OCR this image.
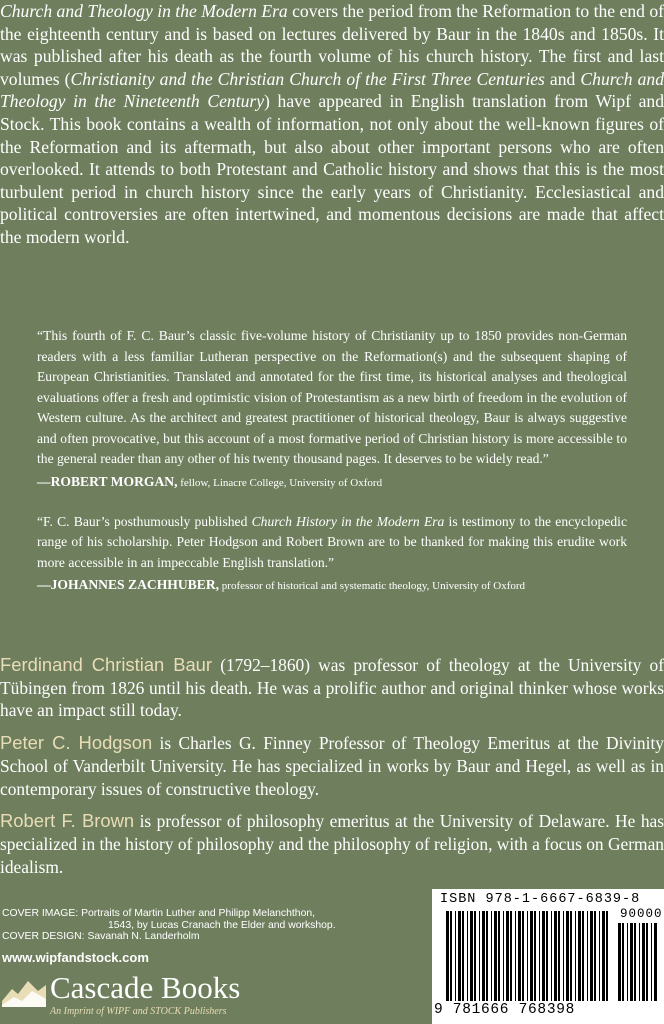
Church and Theology in the Modern Era covers the period from the Reformation to the end of the eighteenth century and is based on lectures delivered by Baur in the 1840s and 1850s. It was published after his death as the fourth volume of his church history. The first and last volumes (Christianity and the Christian Church of the First Three Centuries and Church and Theology in the Nineteenth Century) have appeared in English translation from Wipf and Stock. This book contains a wealth of information, not only about the well-known figures of the Reformation and its aftermath, but also about other important persons who are often overlooked. It attends to both Protestant and Catholic history and shows that this is the most turbulent period in church history since the early years of Christianity. Ecclesiastical and political controversies are often intertwined, and momentous decisions are made that affect the modern world.

“This fourth of F. C. Baur’s classic five-volume history of Christianity up to 1850 provides non-German readers with a less familiar Lutheran perspective on the Reformation(s) and the subsequent shaping of European Christianities. Translated and annotated for the first time, its historical analyses and theological evaluations offer a fresh and optimistic vision of Protestantism as a new birth of freedom in the evolution of Western culture. As the architect and greatest practitioner of historical theology, Baur is always suggestive and often provocative, but this account of a most formative period of Christian history is more accessible to the general reader than any other of his twenty thousand pages. It deserves to be widely read.”

—ROBERT MORGAN, fellow, Linacre College, University of Oxford

“F. C. Baur’s posthumously published Church History in the Modern Era is testimony to the encyclopedic range of his scholarship. Peter Hodgson and Robert Brown are to be thanked for making this erudite work more accessible in an impeccable English translation.”

—JOHANNES ZACHHUBER, professor of historical and systematic theology, University of Oxford

Ferdinand Christian Baur (1792–1860) was professor of theology at the University of Tübingen from 1826 until his death. He was a prolific author and original thinker whose works have an impact still today.

Peter C. Hodgson is Charles G. Finney Professor of Theology Emeritus at the Divinity School of Vanderbilt University. He has specialized in works by Baur and Hegel, as well as in contemporary issues of constructive theology.

Robert F. Brown is professor of philosophy emeritus at the University of Delaware. He has specialized in the history of philosophy and the philosophy of religion, with a focus on German idealism.

COVER IMAGE: Portraits of Martin Luther and Philipp Melanchthon,
1543, by Lucas Cranach the Elder and workshop.
COVER DESIGN: Savanah N. Landerholm
www.wipfandstock.com
Cascade Books
An Imprint of WIPF and STOCK Publishers
ISBN 978-1-6667-6839-8
90000
9 781666 768398
